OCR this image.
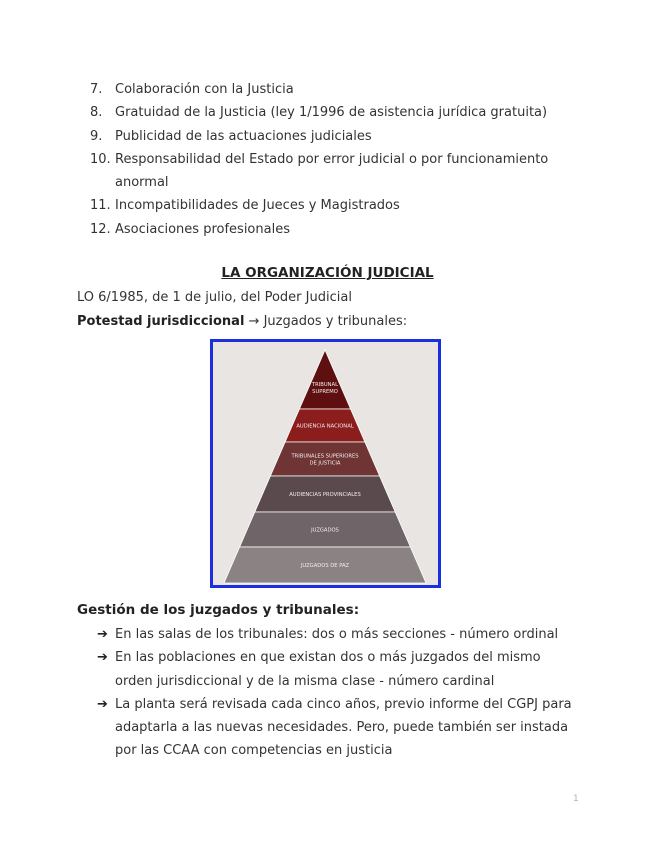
7. Colaboración con la Justicia
8. Gratuidad de la Justicia (ley 1/1996 de asistencia jurídica gratuita)
9. Publicidad de las actuaciones judiciales
10. Responsabilidad del Estado por error judicial o por funcionamiento anormal
11. Incompatibilidades de Jueces y Magistrados
12. Asociaciones profesionales
LA ORGANIZACIÓN JUDICIAL
LO 6/1985, de 1 de julio, del Poder Judicial
Potestad jurisdiccional → Juzgados y tribunales:
TRIBUNAL
SUPREMO
AUDIENCIA NACIONAL
TRIBUNALES SUPERIORES
DE JUSTICIA
AUDIENCIAS PROVINCIALES
JUZGADOS
JUZGADOS DE PAZ
Gestión de los juzgados y tribunales:
➔ En las salas de los tribunales: dos o más secciones - número ordinal
➔ En las poblaciones en que existan dos o más juzgados del mismo orden jurisdiccional y de la misma clase - número cardinal
➔ La planta será revisada cada cinco años, previo informe del CGPJ para adaptarla a las nuevas necesidades. Pero, puede también ser instada por las CCAA con competencias en justicia
1
